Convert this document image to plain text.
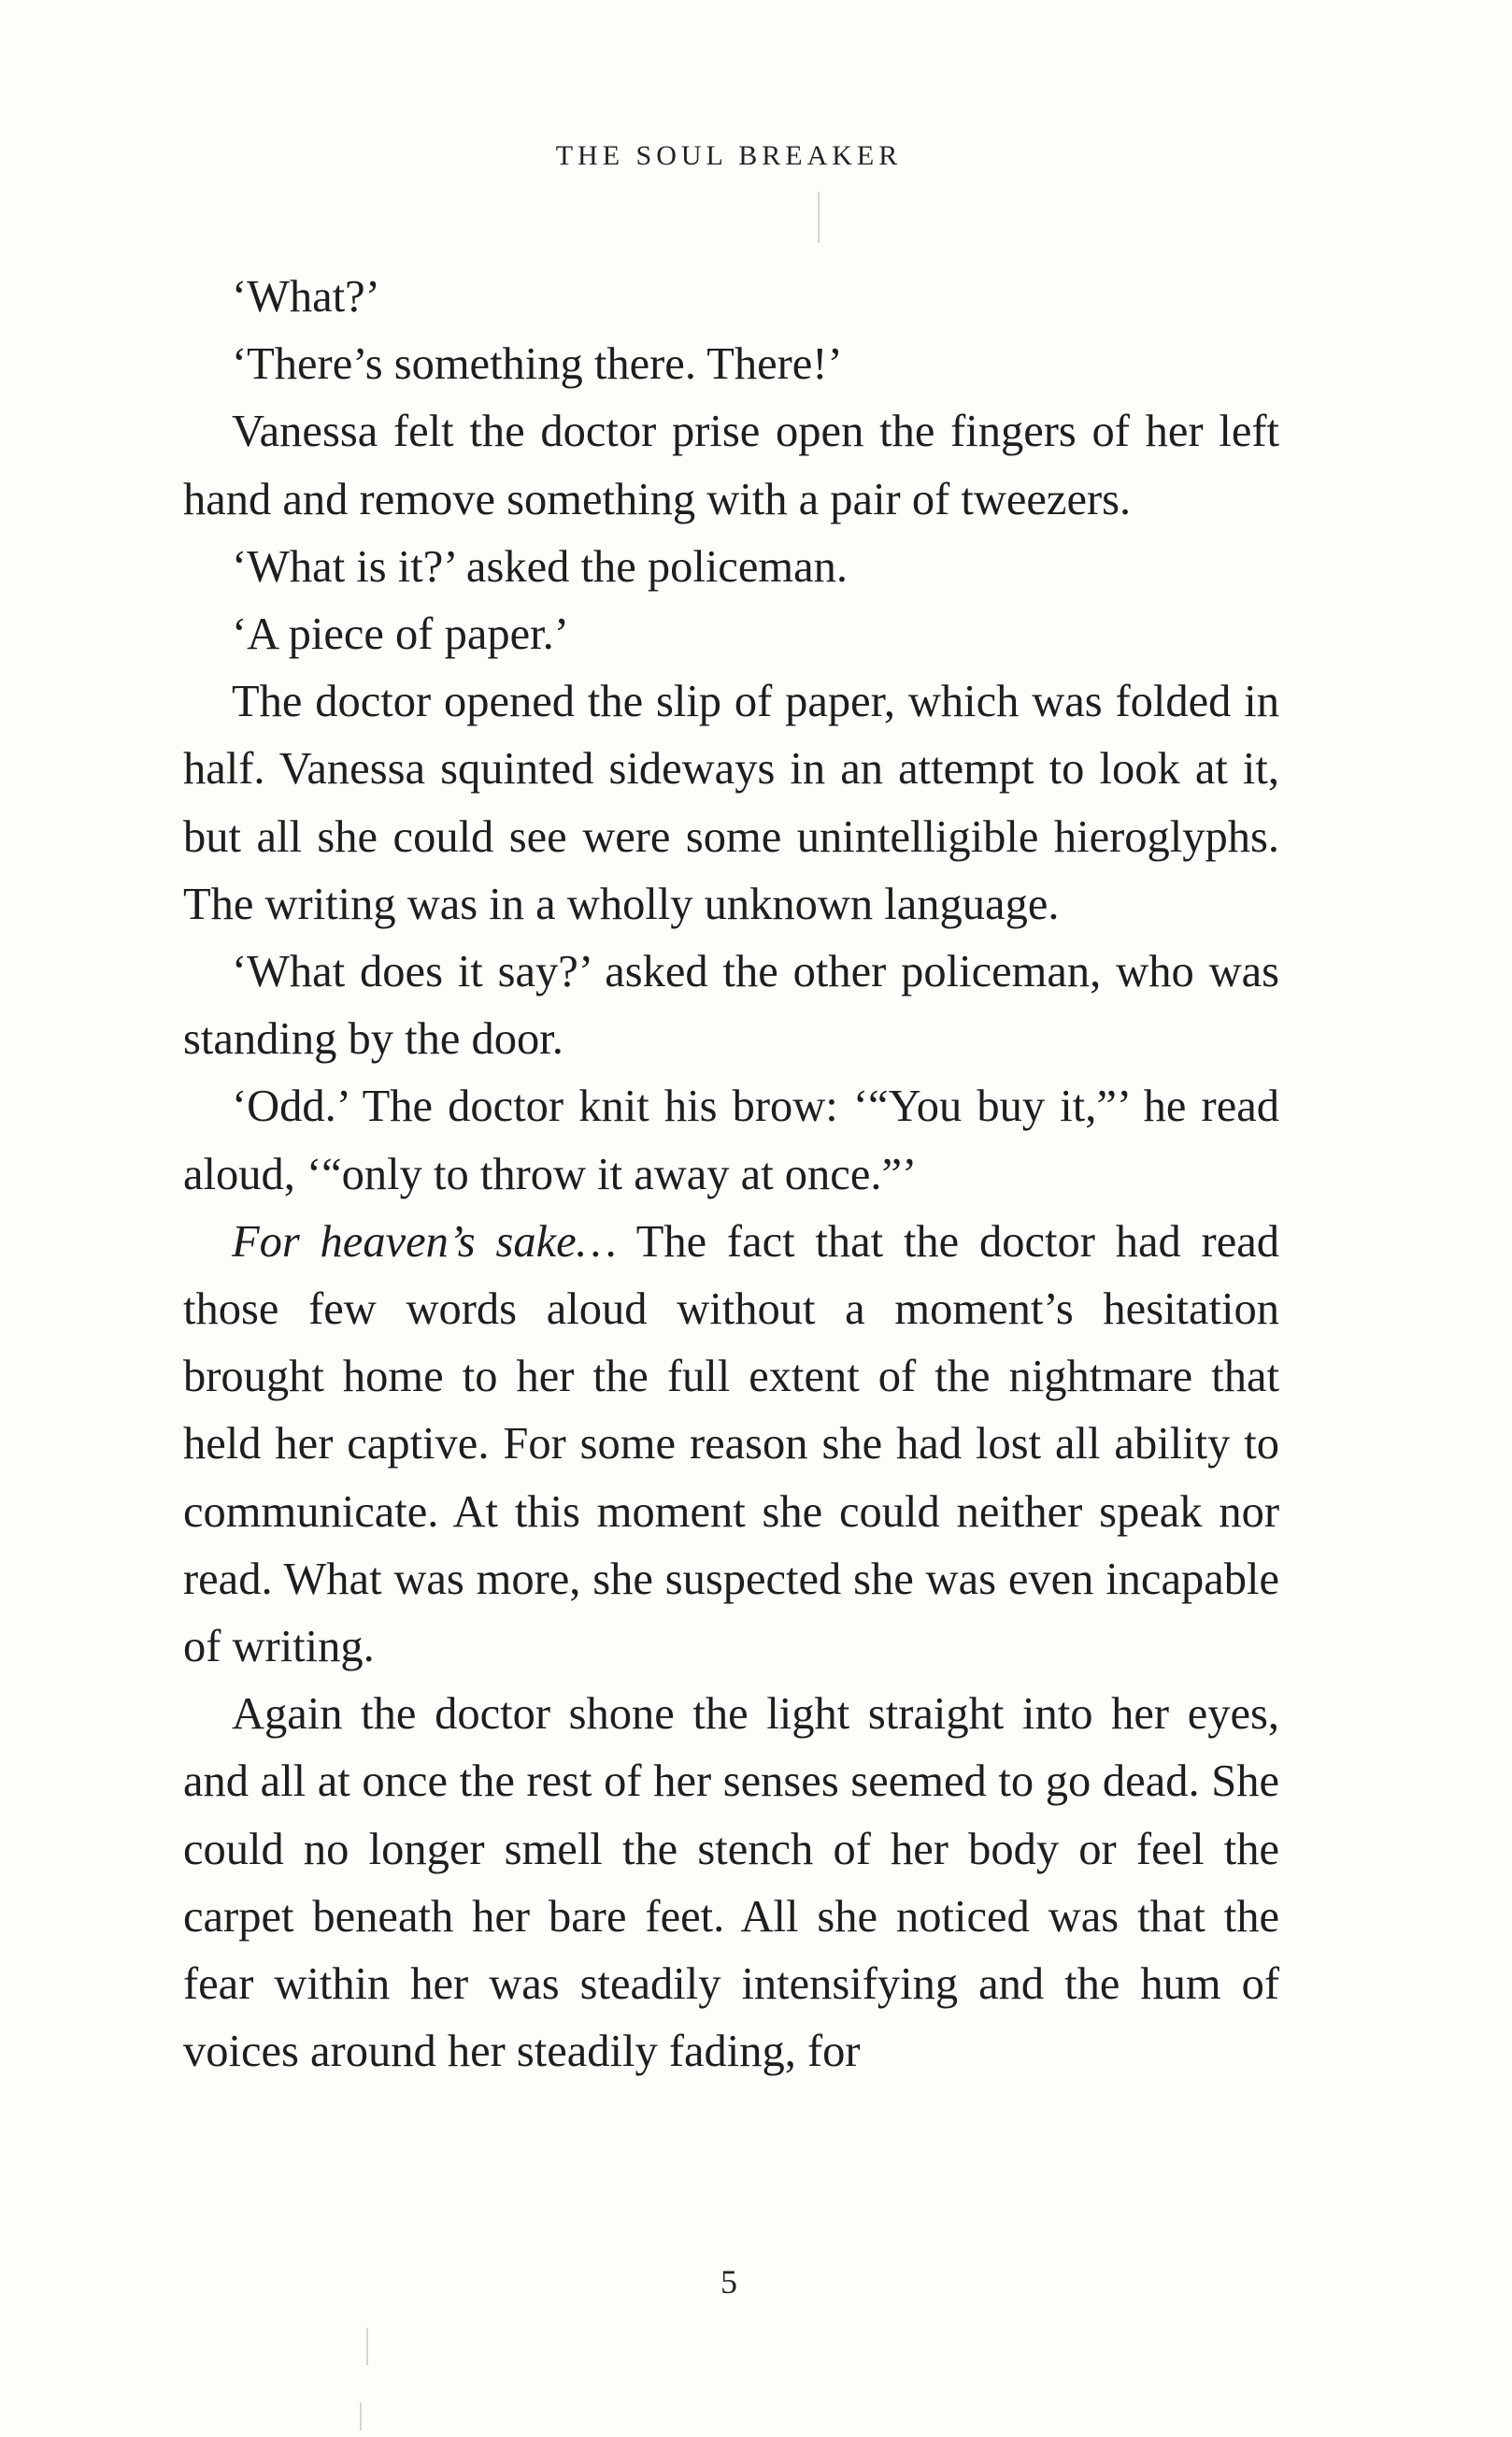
THE SOUL BREAKER

‘What?’

‘There’s something there. There!’

Vanessa felt the doctor prise open the fingers of her left hand and remove something with a pair of tweezers.

‘What is it?’ asked the policeman.

‘A piece of paper.’

The doctor opened the slip of paper, which was folded in half. Vanessa squinted sideways in an attempt to look at it, but all she could see were some unintelligible hieroglyphs. The writing was in a wholly unknown language.

‘What does it say?’ asked the other policeman, who was standing by the door.

‘Odd.’ The doctor knit his brow: ‘“You buy it,”’ he read aloud, ‘“only to throw it away at once.”’

For heaven’s sake… The fact that the doctor had read those few words aloud without a moment’s hesitation brought home to her the full extent of the nightmare that held her captive. For some reason she had lost all ability to communicate. At this moment she could neither speak nor read. What was more, she suspected she was even incapable of writing.

Again the doctor shone the light straight into her eyes, and all at once the rest of her senses seemed to go dead. She could no longer smell the stench of her body or feel the carpet beneath her bare feet. All she noticed was that the fear within her was steadily intensifying and the hum of voices around her steadily fading, for

5
